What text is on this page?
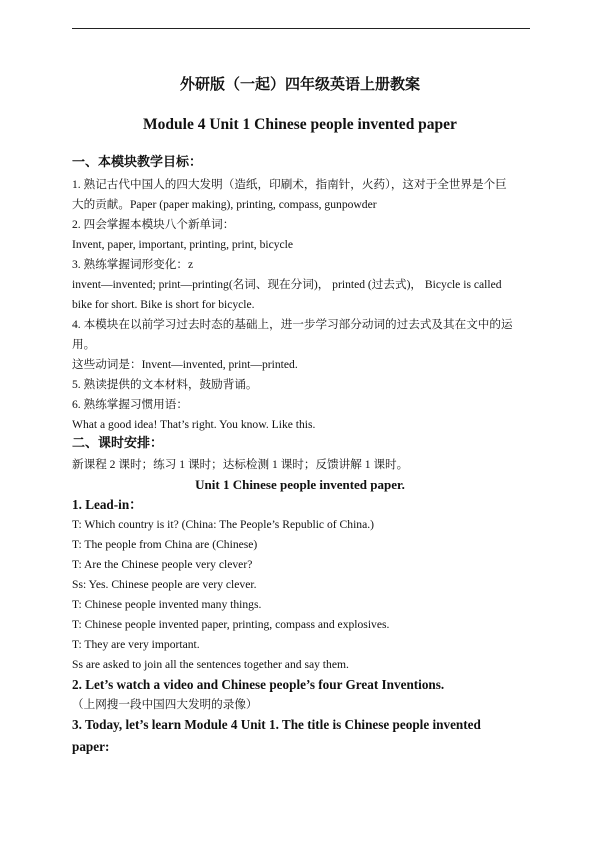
外研版（一起）四年级英语上册教案
Module 4 Unit 1 Chinese people invented paper
一、本模块教学目标：
1. 熟记古代中国人的四大发明（造纸，印刷术，指南针，火药），这对于全世界是个巨
大的贡献。Paper (paper making), printing, compass, gunpowder
2. 四会掌握本模块八个新单词：
Invent, paper, important, printing, print, bicycle
3. 熟练掌握词形变化：z
invent—invented; print—printing(名词、现在分词)， printed (过去式)， Bicycle is called
bike for short. Bike is short for bicycle.
4. 本模块在以前学习过去时态的基础上，进一步学习部分动词的过去式及其在文中的运
用。
这些动词是：Invent—invented, print—printed.
5. 熟读提供的文本材料，鼓励背诵。
6. 熟练掌握习惯用语：
What a good idea! That’s right. You know. Like this.
二、课时安排：
新课程 2 课时；练习 1 课时；达标检测 1 课时；反馈讲解 1 课时。
Unit 1 Chinese people invented paper.
1. Lead-in：
T: Which country is it? (China: The People’s Republic of China.)
T: The people from China are (Chinese)
T: Are the Chinese people very clever?
Ss: Yes. Chinese people are very clever.
T: Chinese people invented many things.
T: Chinese people invented paper, printing, compass and explosives.
T: They are very important.
Ss are asked to join all the sentences together and say them.
2. Let’s watch a video and Chinese people’s four Great Inventions.
（上网搜一段中国四大发明的录像）
3. Today, let’s learn Module 4 Unit 1. The title is Chinese people invented
paper:
